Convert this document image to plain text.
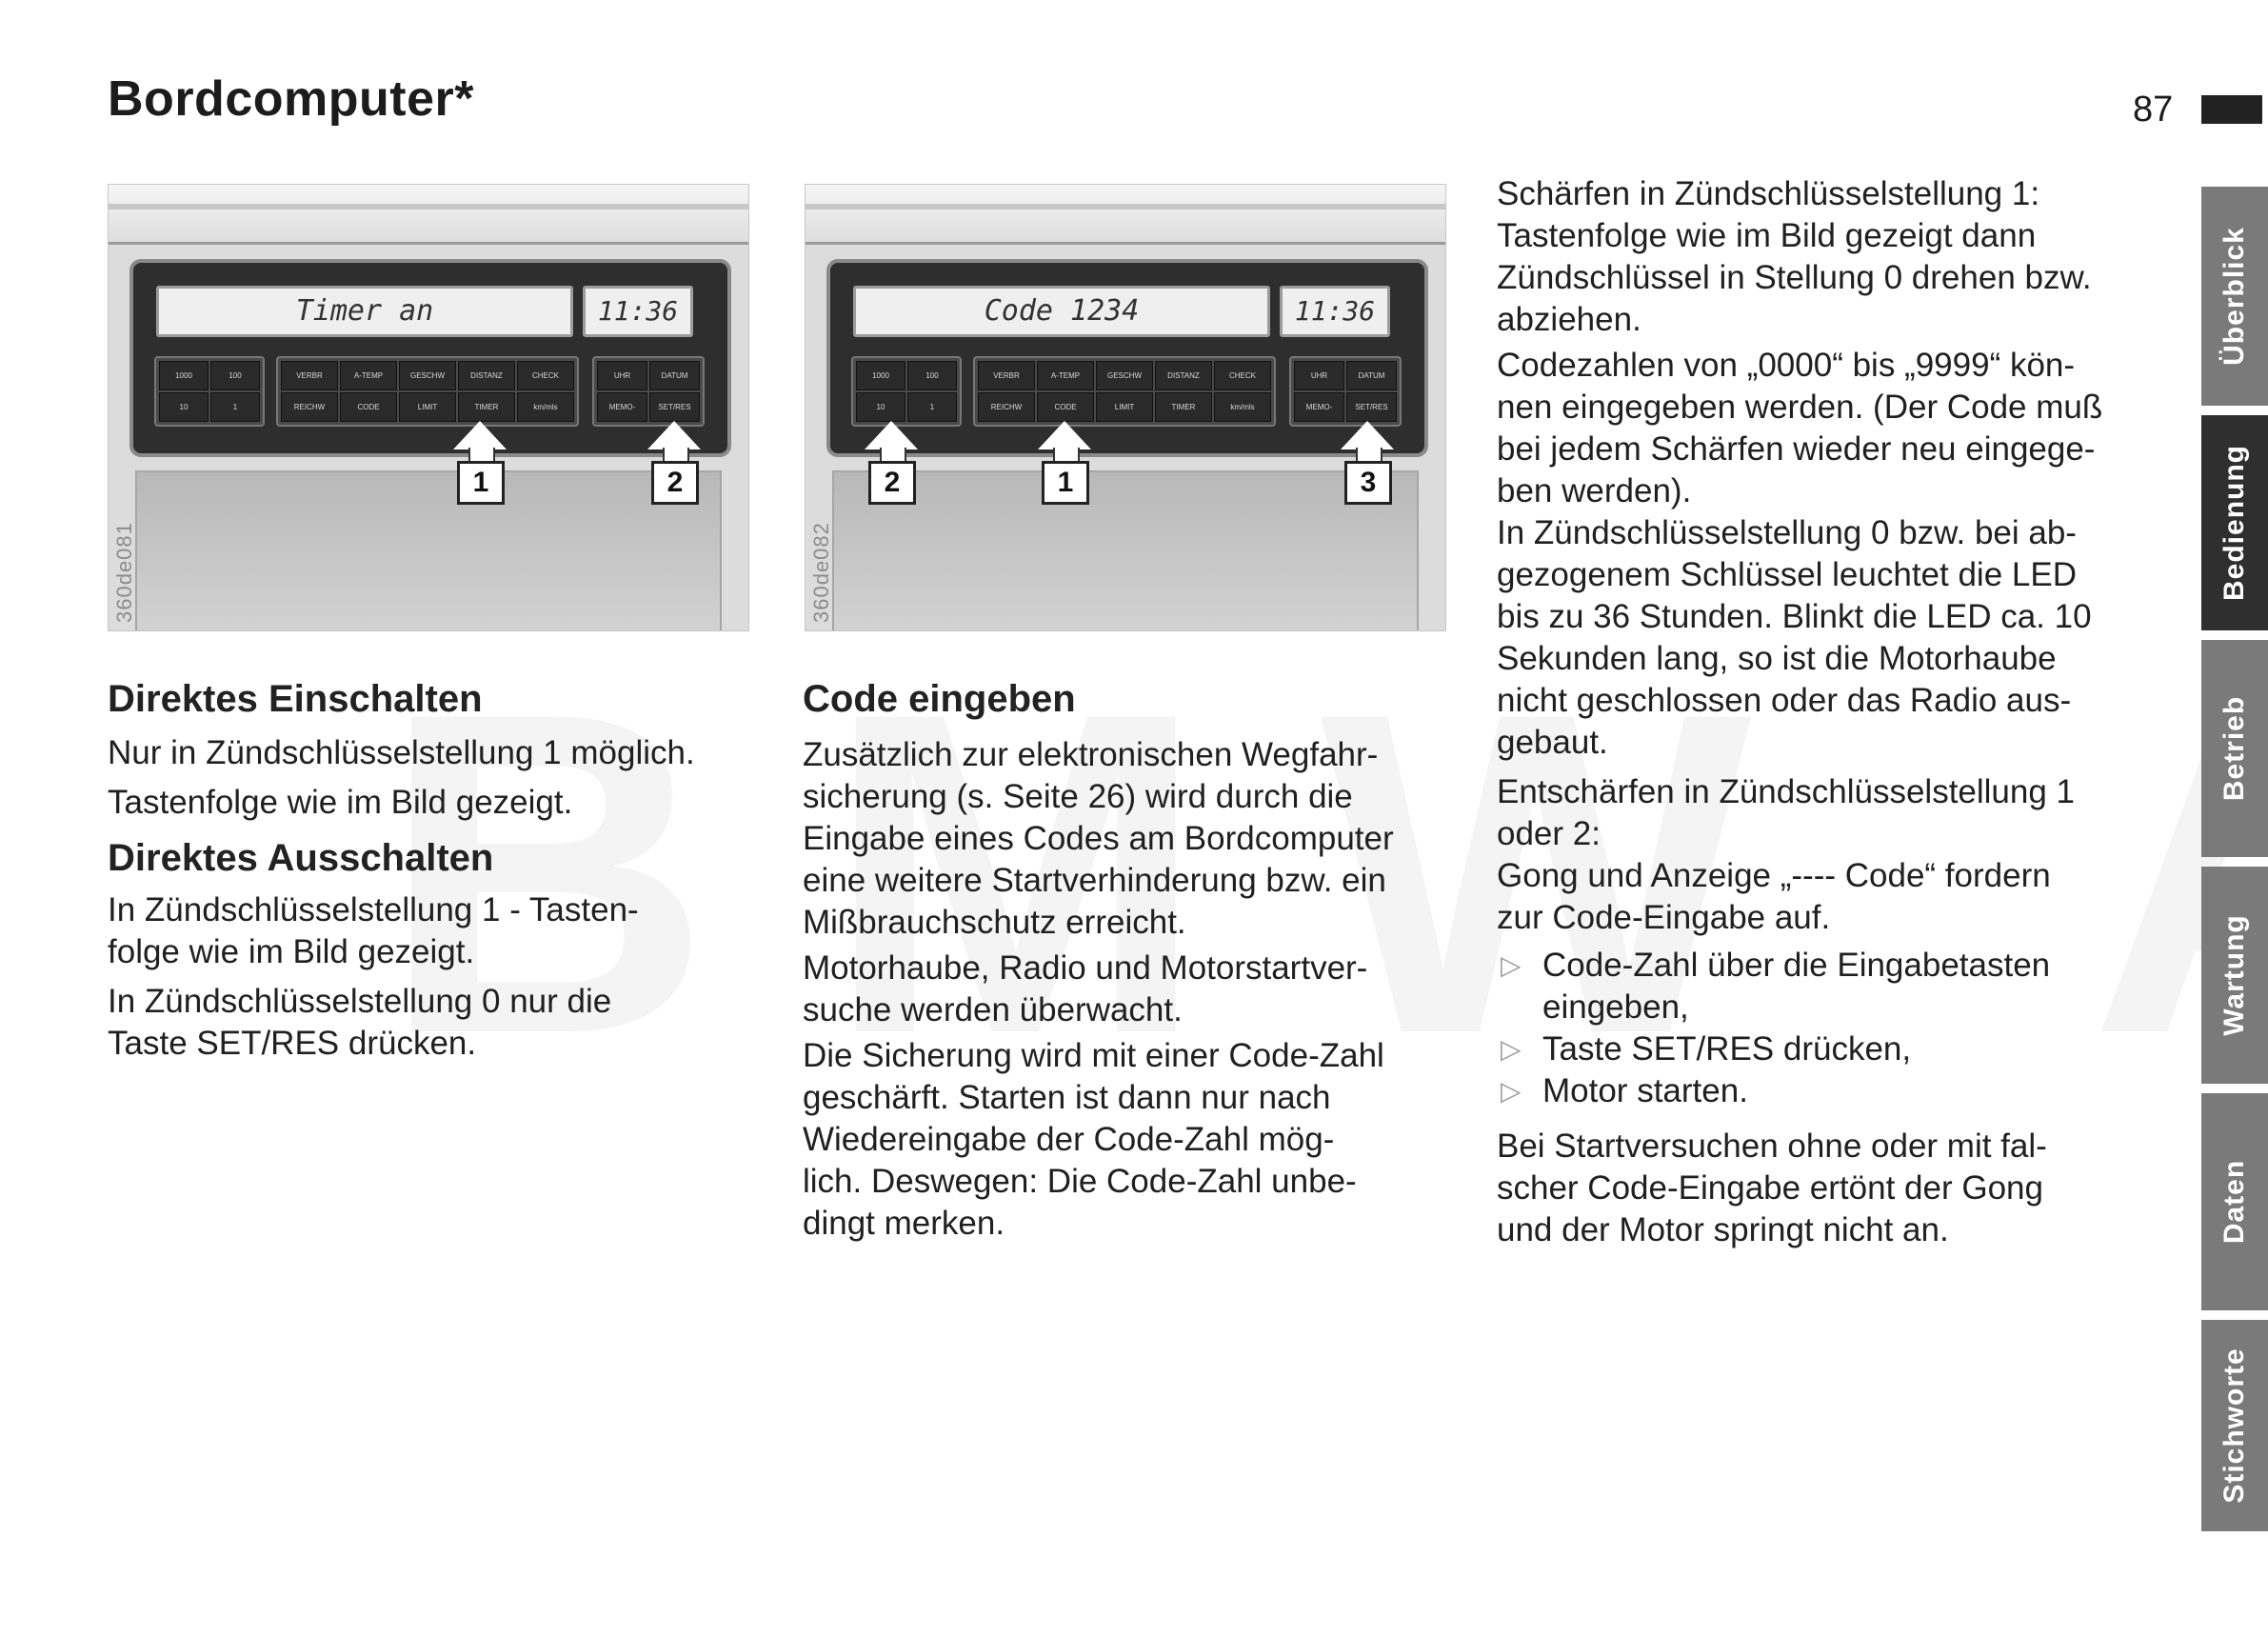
Bordcomputer*	87
Timer an	11:36
1000	100
10	1
VERBR	A-TEMP	GESCHW	DISTANZ	CHECK
REICHW	CODE	LIMIT	TIMER	km/mls
UHR	DATUM
MEMO-	SET/RES
1	2
360de081
Code 1234	11:36
1000	100
10	1
VERBR	A-TEMP	GESCHW	DISTANZ	CHECK
REICHW	CODE	LIMIT	TIMER	km/mls
UHR	DATUM
MEMO-	SET/RES
2	1	3
360de082
Direktes Einschalten
Nur in Zündschlüsselstellung 1 möglich.
Tastenfolge wie im Bild gezeigt.
Direktes Ausschalten
In Zündschlüsselstellung 1 - Tasten-
folge wie im Bild gezeigt.
In Zündschlüsselstellung 0 nur die
Taste SET/RES drücken.
Code eingeben
Zusätzlich zur elektronischen Wegfahr-
sicherung (s. Seite 26) wird durch die
Eingabe eines Codes am Bordcomputer
eine weitere Startverhinderung bzw. ein
Mißbrauchschutz erreicht.
Motorhaube, Radio und Motorstartver-
suche werden überwacht.
Die Sicherung wird mit einer Code-Zahl
geschärft. Starten ist dann nur nach
Wiedereingabe der Code-Zahl mög-
lich. Deswegen: Die Code-Zahl unbe-
dingt merken.
Schärfen in Zündschlüsselstellung 1:
Tastenfolge wie im Bild gezeigt dann
Zündschlüssel in Stellung 0 drehen bzw.
abziehen.
Codezahlen von „0000“ bis „9999“ kön-
nen eingegeben werden. (Der Code muß
bei jedem Schärfen wieder neu eingege-
ben werden).
In Zündschlüsselstellung 0 bzw. bei ab-
gezogenem Schlüssel leuchtet die LED
bis zu 36 Stunden. Blinkt die LED ca. 10
Sekunden lang, so ist die Motorhaube
nicht geschlossen oder das Radio aus-
gebaut.
Entschärfen in Zündschlüsselstellung 1
oder 2:
Gong und Anzeige „---- Code“ fordern
zur Code-Eingabe auf.
▷ Code-Zahl über die Eingabetasten
eingeben,
▷ Taste SET/RES drücken,
▷ Motor starten.
Bei Startversuchen ohne oder mit fal-
scher Code-Eingabe ertönt der Gong
und der Motor springt nicht an.
Überblick
Bedienung
Betrieb
Wartung
Daten
Stichworte
